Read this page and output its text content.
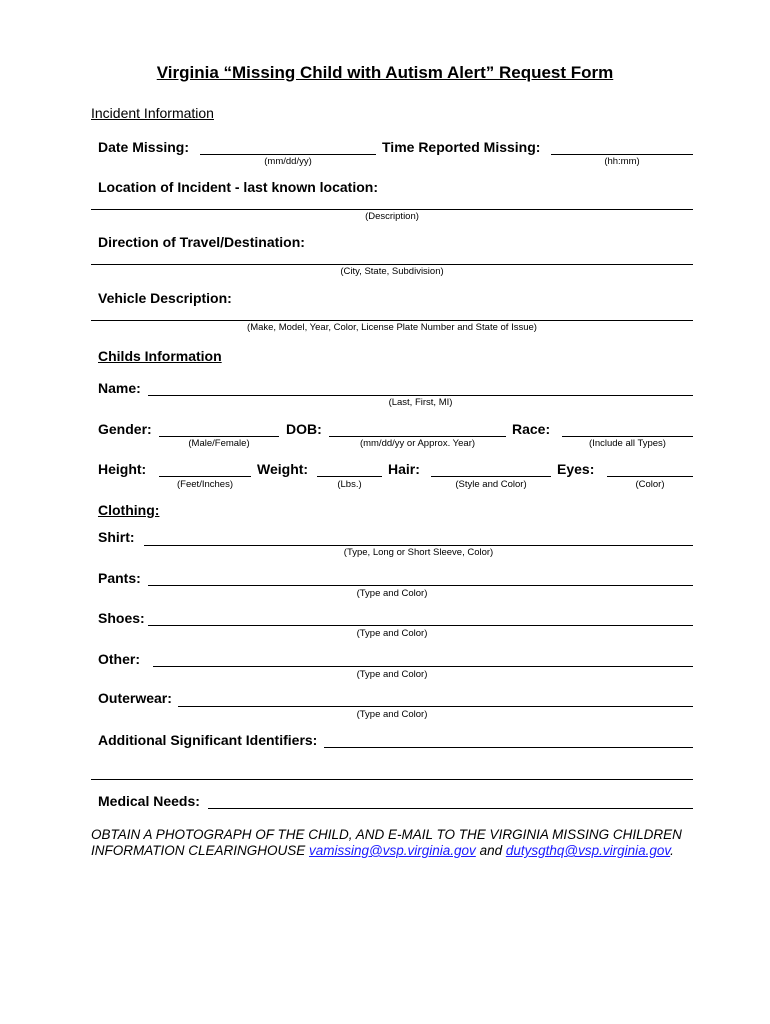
Virginia “Missing Child with Autism Alert” Request Form
Incident Information
Date Missing:
(mm/dd/yy)
Time Reported Missing:
(hh:mm)
Location of Incident - last known location:
(Description)
Direction of Travel/Destination:
(City, State, Subdivision)
Vehicle Description:
(Make, Model, Year, Color, License Plate Number and State of Issue)
Childs Information
Name:
(Last, First, MI)
Gender:
(Male/Female)
DOB:
(mm/dd/yy or Approx. Year)
Race:
(Include all Types)
Height:
(Feet/Inches)
Weight:
(Lbs.)
Hair:
(Style and Color)
Eyes:
(Color)
Clothing:
Shirt:
(Type, Long or Short Sleeve, Color)
Pants:
(Type and Color)
Shoes:
(Type and Color)
Other:
(Type and Color)
Outerwear:
(Type and Color)
Additional Significant Identifiers:
Medical Needs:
OBTAIN A PHOTOGRAPH OF THE CHILD, AND E-MAIL TO THE VIRGINIA MISSING CHILDREN INFORMATION CLEARINGHOUSE vamissing@vsp.virginia.gov and dutysgthq@vsp.virginia.gov.
